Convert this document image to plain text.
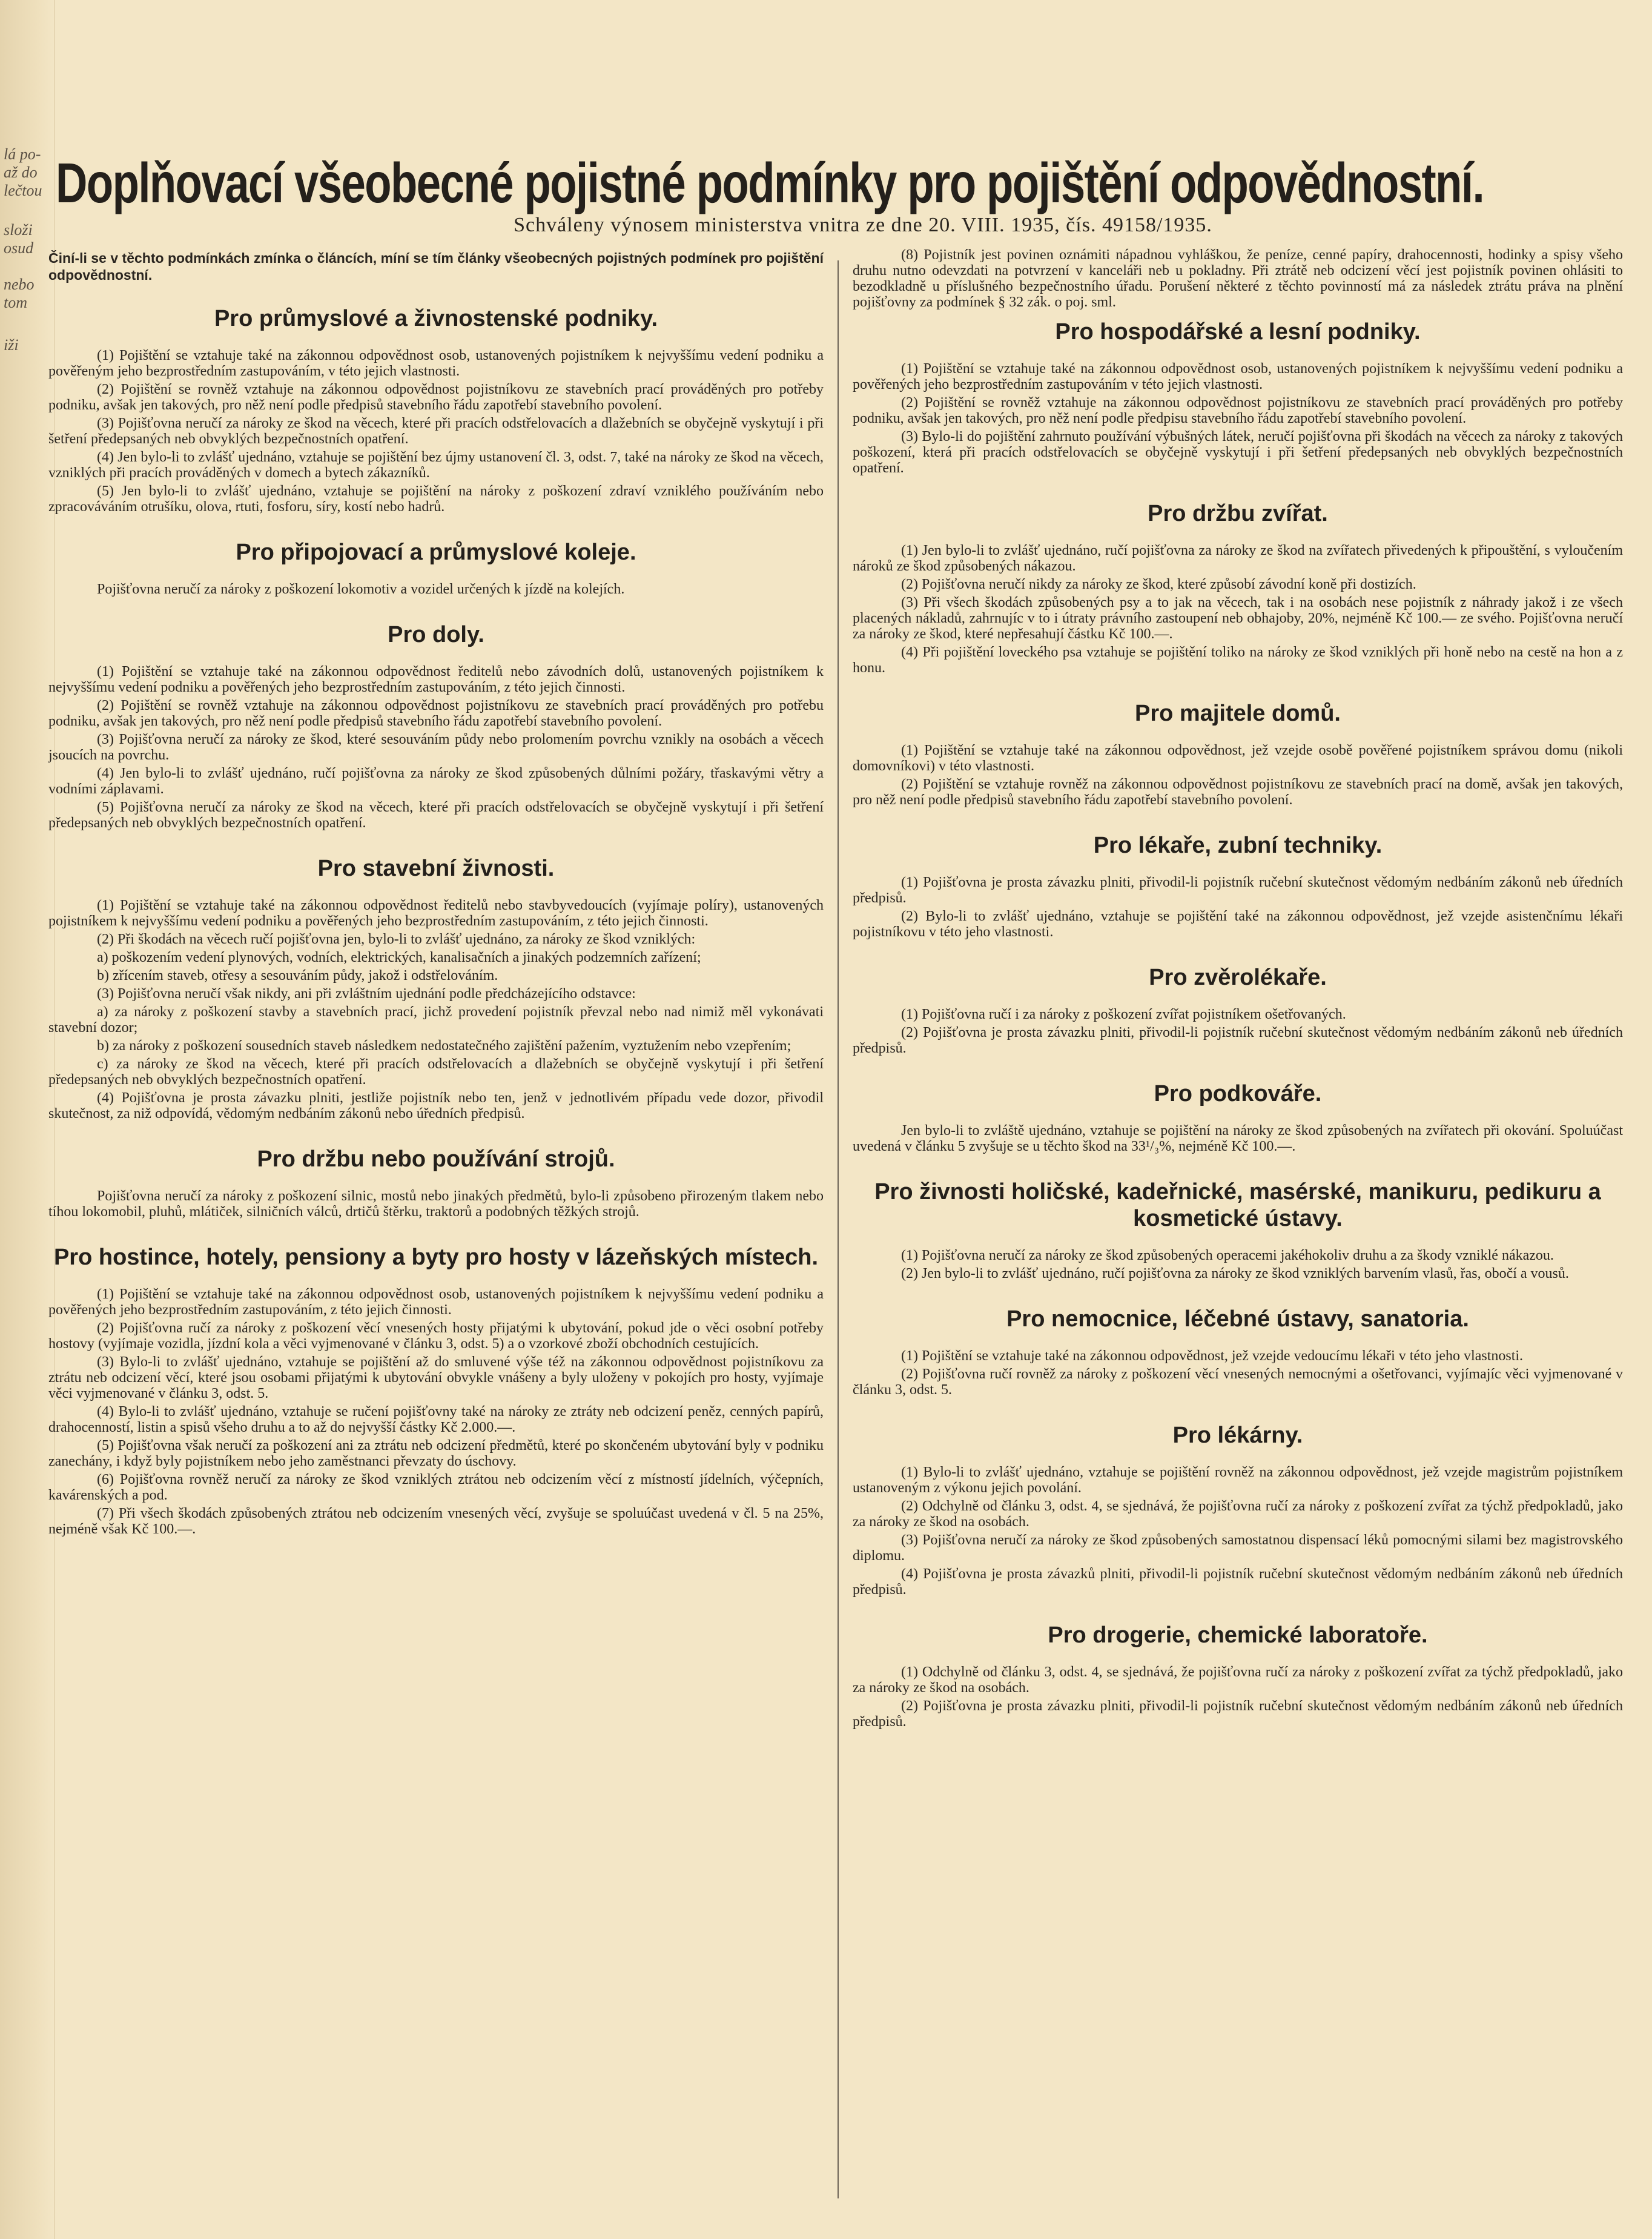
lá po-
až do
lečtou
složi
osud
nebo
tom
iži
Doplňovací všeobecné pojistné podmínky pro pojištění odpovědnostní.
Schváleny výnosem ministerstva vnitra ze dne 20. VIII. 1935, čís. 49158/1935.

Činí-li se v těchto podmínkách zmínka o článcích, míní se tím články všeobecných pojistných podmínek pro pojištění odpovědnostní.

Pro průmyslové a živnostenské podniky.

(1) Pojištění se vztahuje také na zákonnou odpovědnost osob, ustanovených pojistníkem k nejvyššímu vedení podniku a pověřeným jeho bezprostředním zastupováním, v této jejich vlastnosti.

(2) Pojištění se rovněž vztahuje na zákonnou odpovědnost pojistníkovu ze stavebních prací prováděných pro potřeby podniku, avšak jen takových, pro něž není podle předpisů stavebního řádu zapotřebí stavebního povolení.

(3) Pojišťovna neručí za nároky ze škod na věcech, které při pracích odstřelovacích a dlažebních se obyčejně vyskytují i při šetření předepsaných neb obvyklých bezpečnostních opatření.

(4) Jen bylo-li to zvlášť ujednáno, vztahuje se pojištění bez újmy ustanovení čl. 3, odst. 7, také na nároky ze škod na věcech, vzniklých při pracích prováděných v domech a bytech zákazníků.

(5) Jen bylo-li to zvlášť ujednáno, vztahuje se pojištění na nároky z poškození zdraví vzniklého používáním nebo zpracováváním otrušíku, olova, rtuti, fosforu, síry, kostí nebo hadrů.

Pro připojovací a průmyslové koleje.

Pojišťovna neručí za nároky z poškození lokomotiv a vozidel určených k jízdě na kolejích.

Pro doly.

(1) Pojištění se vztahuje také na zákonnou odpovědnost ředitelů nebo závodních dolů, ustanovených pojistníkem k nejvyššímu vedení podniku a pověřených jeho bezprostředním zastupováním, z této jejich činnosti.

(2) Pojištění se rovněž vztahuje na zákonnou odpovědnost pojistníkovu ze stavebních prací prováděných pro potřebu podniku, avšak jen takových, pro něž není podle předpisů stavebního řádu zapotřebí stavebního povolení.

(3) Pojišťovna neručí za nároky ze škod, které sesouváním půdy nebo prolomením povrchu vznikly na osobách a věcech jsoucích na povrchu.

(4) Jen bylo-li to zvlášť ujednáno, ručí pojišťovna za nároky ze škod způsobených důlními požáry, třaskavými větry a vodními záplavami.

(5) Pojišťovna neručí za nároky ze škod na věcech, které při pracích odstřelovacích se obyčejně vyskytují i při šetření předepsaných neb obvyklých bezpečnostních opatření.

Pro stavební živnosti.

(1) Pojištění se vztahuje také na zákonnou odpovědnost ředitelů nebo stavbyvedoucích (vyjímaje políry), ustanovených pojistníkem k nejvyššímu vedení podniku a pověřených jeho bezprostředním zastupováním, z této jejich činnosti.

(2) Při škodách na věcech ručí pojišťovna jen, bylo-li to zvlášť ujednáno, za nároky ze škod vzniklých:

a) poškozením vedení plynových, vodních, elektrických, kanalisačních a jinakých podzemních zařízení;

b) zřícením staveb, otřesy a sesouváním půdy, jakož i odstřelováním.

(3) Pojišťovna neručí však nikdy, ani při zvláštním ujednání podle předcházejícího odstavce:

a) za nároky z poškození stavby a stavebních prací, jichž provedení pojistník převzal nebo nad nimiž měl vykonávati stavební dozor;

b) za nároky z poškození sousedních staveb následkem nedostatečného zajištění pažením, vyztužením nebo vzepřením;

c) za nároky ze škod na věcech, které při pracích odstřelovacích a dlažebních se obyčejně vyskytují i při šetření předepsaných neb obvyklých bezpečnostních opatření.

(4) Pojišťovna je prosta závazku plniti, jestliže pojistník nebo ten, jenž v jednotlivém případu vede dozor, přivodil skutečnost, za niž odpovídá, vědomým nedbáním zákonů nebo úředních předpisů.

Pro držbu nebo používání strojů.

Pojišťovna neručí za nároky z poškození silnic, mostů nebo jinakých předmětů, bylo-li způsobeno přirozeným tlakem nebo tíhou lokomobil, pluhů, mlátiček, silničních válců, drtičů štěrku, traktorů a podobných těžkých strojů.

Pro hostince, hotely, pensiony a byty pro hosty v lázeňských místech.

(1) Pojištění se vztahuje také na zákonnou odpovědnost osob, ustanovených pojistníkem k nejvyššímu vedení podniku a pověřených jeho bezprostředním zastupováním, z této jejich činnosti.

(2) Pojišťovna ručí za nároky z poškození věcí vnesených hosty přijatými k ubytování, pokud jde o věci osobní potřeby hostovy (vyjímaje vozidla, jízdní kola a věci vyjmenované v článku 3, odst. 5) a o vzorkové zboží obchodních cestujících.

(3) Bylo-li to zvlášť ujednáno, vztahuje se pojištění až do smluvené výše též na zákonnou odpovědnost pojistníkovu za ztrátu neb odcizení věcí, které jsou osobami přijatými k ubytování obvykle vnášeny a byly uloženy v pokojích pro hosty, vyjímaje věci vyjmenované v článku 3, odst. 5.

(4) Bylo-li to zvlášť ujednáno, vztahuje se ručení pojišťovny také na nároky ze ztráty neb odcizení peněz, cenných papírů, drahocenností, listin a spisů všeho druhu a to až do nejvyšší částky Kč 2.000.—.

(5) Pojišťovna však neručí za poškození ani za ztrátu neb odcizení předmětů, které po skončeném ubytování byly v podniku zanechány, i když byly pojistníkem nebo jeho zaměstnanci převzaty do úschovy.

(6) Pojišťovna rovněž neručí za nároky ze škod vzniklých ztrátou neb odcizením věcí z místností jídelních, výčepních, kavárenských a pod.

(7) Při všech škodách způsobených ztrátou neb odcizením vnesených věcí, zvyšuje se spoluúčast uvedená v čl. 5 na 25%, nejméně však Kč 100.—.

(8) Pojistník jest povinen oznámiti nápadnou vyhláškou, že peníze, cenné papíry, drahocennosti, hodinky a spisy všeho druhu nutno odevzdati na potvrzení v kanceláři neb u pokladny. Při ztrátě neb odcizení věcí jest pojistník povinen ohlásiti to bezodkladně u příslušného bezpečnostního úřadu. Porušení některé z těchto povinností má za následek ztrátu práva na plnění pojišťovny za podmínek § 32 zák. o poj. sml.

Pro hospodářské a lesní podniky.

(1) Pojištění se vztahuje také na zákonnou odpovědnost osob, ustanovených pojistníkem k nejvyššímu vedení podniku a pověřených jeho bezprostředním zastupováním v této jejich vlastnosti.

(2) Pojištění se rovněž vztahuje na zákonnou odpovědnost pojistníkovu ze stavebních prací prováděných pro potřeby podniku, avšak jen takových, pro něž není podle předpisu stavebního řádu zapotřebí stavebního povolení.

(3) Bylo-li do pojištění zahrnuto používání výbušných látek, neručí pojišťovna při škodách na věcech za nároky z takových poškození, která při pracích odstřelovacích se obyčejně vyskytují i při šetření předepsaných neb obvyklých bezpečnostních opatření.

Pro držbu zvířat.

(1) Jen bylo-li to zvlášť ujednáno, ručí pojišťovna za nároky ze škod na zvířatech přivedených k připouštění, s vyloučením nároků ze škod způsobených nákazou.

(2) Pojišťovna neručí nikdy za nároky ze škod, které způsobí závodní koně při dostizích.

(3) Při všech škodách způsobených psy a to jak na věcech, tak i na osobách nese pojistník z náhrady jakož i ze všech placených nákladů, zahrnujíc v to i útraty právního zastoupení neb obhajoby, 20%, nejméně Kč 100.— ze svého. Pojišťovna neručí za nároky ze škod, které nepřesahují částku Kč 100.—.

(4) Při pojištění loveckého psa vztahuje se pojištění toliko na nároky ze škod vzniklých při honě nebo na cestě na hon a z honu.

Pro majitele domů.

(1) Pojištění se vztahuje také na zákonnou odpovědnost, jež vzejde osobě pověřené pojistníkem správou domu (nikoli domovníkovi) v této vlastnosti.

(2) Pojištění se vztahuje rovněž na zákonnou odpovědnost pojistníkovu ze stavebních prací na domě, avšak jen takových, pro něž není podle předpisů stavebního řádu zapotřebí stavebního povolení.

Pro lékaře, zubní techniky.

(1) Pojišťovna je prosta závazku plniti, přivodil-li pojistník ručební skutečnost vědomým nedbáním zákonů neb úředních předpisů.

(2) Bylo-li to zvlášť ujednáno, vztahuje se pojištění také na zákonnou odpovědnost, jež vzejde asistenčnímu lékaři pojistníkovu v této jeho vlastnosti.

Pro zvěrolékaře.

(1) Pojišťovna ručí i za nároky z poškození zvířat pojistníkem ošetřovaných.

(2) Pojišťovna je prosta závazku plniti, přivodil-li pojistník ručební skutečnost vědomým nedbáním zákonů neb úředních předpisů.

Pro podkováře.

Jen bylo-li to zvláště ujednáno, vztahuje se pojištění na nároky ze škod způsobených na zvířatech při okování. Spoluúčast uvedená v článku 5 zvyšuje se u těchto škod na 33¹/₃%, nejméně Kč 100.—.

Pro živnosti holičské, kadeřnické, masérské, manikuru, pedikuru a kosmetické ústavy.

(1) Pojišťovna neručí za nároky ze škod způsobených operacemi jakéhokoliv druhu a za škody vzniklé nákazou.

(2) Jen bylo-li to zvlášť ujednáno, ručí pojišťovna za nároky ze škod vzniklých barvením vlasů, řas, obočí a vousů.

Pro nemocnice, léčebné ústavy, sanatoria.

(1) Pojištění se vztahuje také na zákonnou odpovědnost, jež vzejde vedoucímu lékaři v této jeho vlastnosti.

(2) Pojišťovna ručí rovněž za nároky z poškození věcí vnesených nemocnými a ošetřovanci, vyjímajíc věci vyjmenované v článku 3, odst. 5.

Pro lékárny.

(1) Bylo-li to zvlášť ujednáno, vztahuje se pojištění rovněž na zákonnou odpovědnost, jež vzejde magistrům pojistníkem ustanoveným z výkonu jejich povolání.

(2) Odchylně od článku 3, odst. 4, se sjednává, že pojišťovna ručí za nároky z poškození zvířat za týchž předpokladů, jako za nároky ze škod na osobách.

(3) Pojišťovna neručí za nároky ze škod způsobených samostatnou dispensací léků pomocnými silami bez magistrovského diplomu.

(4) Pojišťovna je prosta závazků plniti, přivodil-li pojistník ručební skutečnost vědomým nedbáním zákonů neb úředních předpisů.

Pro drogerie, chemické laboratoře.

(1) Odchylně od článku 3, odst. 4, se sjednává, že pojišťovna ručí za nároky z poškození zvířat za týchž předpokladů, jako za nároky ze škod na osobách.

(2) Pojišťovna je prosta závazku plniti, přivodil-li pojistník ručební skutečnost vědomým nedbáním zákonů neb úředních předpisů.
